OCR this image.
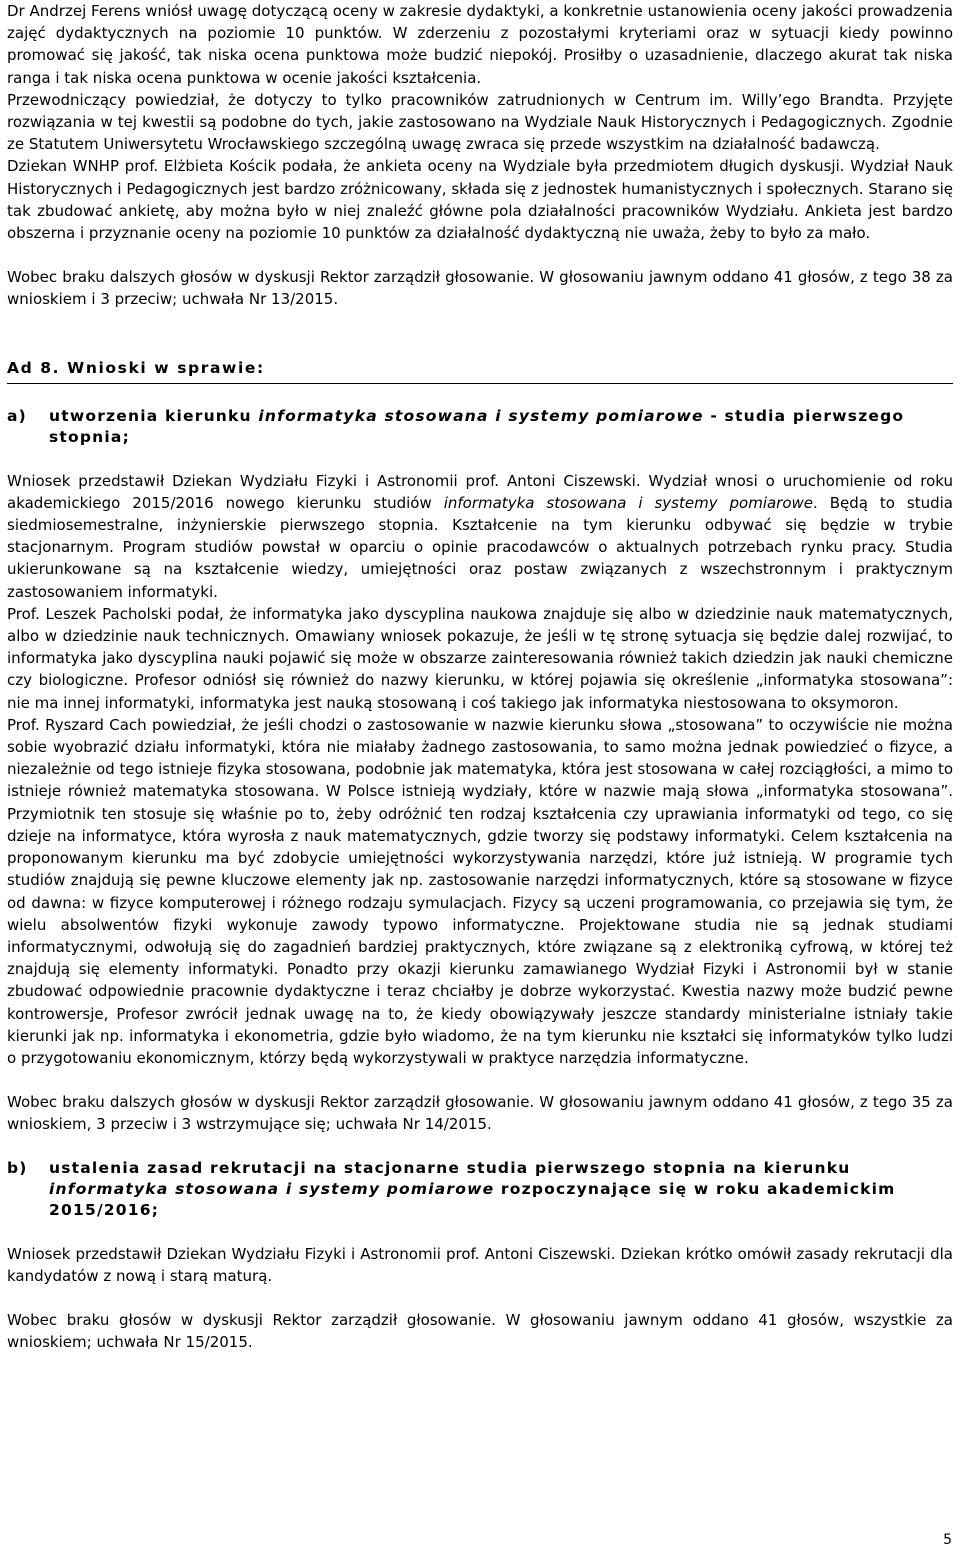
Dr Andrzej Ferens wniósł uwagę dotyczącą oceny w zakresie dydaktyki, a konkretnie ustanowienia oceny jakości prowadzenia zajęć dydaktycznych na poziomie 10 punktów. W zderzeniu z pozostałymi kryteriami oraz w sytuacji kiedy powinno promować się jakość, tak niska ocena punktowa może budzić niepokój. Prosiłby o uzasadnienie, dlaczego akurat tak niska ranga i tak niska ocena punktowa w ocenie jakości kształcenia.

Przewodniczący powiedział, że dotyczy to tylko pracowników zatrudnionych w Centrum im. Willy’ego Brandta. Przyjęte rozwiązania w tej kwestii są podobne do tych, jakie zastosowano na Wydziale Nauk Historycznych i Pedagogicznych. Zgodnie ze Statutem Uniwersytetu Wrocławskiego szczególną uwagę zwraca się przede wszystkim na działalność badawczą.

Dziekan WNHP prof. Elżbieta Kościk podała, że ankieta oceny na Wydziale była przedmiotem długich dyskusji. Wydział Nauk Historycznych i Pedagogicznych jest bardzo zróżnicowany, składa się z jednostek humanistycznych i społecznych. Starano się tak zbudować ankietę, aby można było w niej znaleźć główne pola działalności pracowników Wydziału. Ankieta jest bardzo obszerna i przyznanie oceny na poziomie 10 punktów za działalność dydaktyczną nie uważa, żeby to było za mało.

Wobec braku dalszych głosów w dyskusji Rektor zarządził głosowanie. W głosowaniu jawnym oddano 41 głosów, z tego 38 za wnioskiem i 3 przeciw; uchwała Nr 13/2015.

Ad 8. Wnioski w sprawie:
a)	utworzenia kierunku informatyka stosowana i systemy pomiarowe - studia pierwszego stopnia;

Wniosek przedstawił Dziekan Wydziału Fizyki i Astronomii prof. Antoni Ciszewski. Wydział wnosi o uruchomienie od roku akademickiego 2015/2016 nowego kierunku studiów informatyka stosowana i systemy pomiarowe. Będą to studia siedmiosemestralne, inżynierskie pierwszego stopnia. Kształcenie na tym kierunku odbywać się będzie w trybie stacjonarnym. Program studiów powstał w oparciu o opinie pracodawców o aktualnych potrzebach rynku pracy. Studia ukierunkowane są na kształcenie wiedzy, umiejętności oraz postaw związanych z wszechstronnym i praktycznym zastosowaniem informatyki.

Prof. Leszek Pacholski podał, że informatyka jako dyscyplina naukowa znajduje się albo w dziedzinie nauk matematycznych, albo w dziedzinie nauk technicznych. Omawiany wniosek pokazuje, że jeśli w tę stronę sytuacja się będzie dalej rozwijać, to informatyka jako dyscyplina nauki pojawić się może w obszarze zainteresowania również takich dziedzin jak nauki chemiczne czy biologiczne. Profesor odniósł się również do nazwy kierunku, w której pojawia się określenie „informatyka stosowana”: nie ma innej informatyki, informatyka jest nauką stosowaną i coś takiego jak informatyka niestosowana to oksymoron.

Prof. Ryszard Cach powiedział, że jeśli chodzi o zastosowanie w nazwie kierunku słowa „stosowana” to oczywiście nie można sobie wyobrazić działu informatyki, która nie miałaby żadnego zastosowania, to samo można jednak powiedzieć o fizyce, a niezależnie od tego istnieje fizyka stosowana, podobnie jak matematyka, która jest stosowana w całej rozciągłości, a mimo to istnieje również matematyka stosowana. W Polsce istnieją wydziały, które w nazwie mają słowa „informatyka stosowana”. Przymiotnik ten stosuje się właśnie po to, żeby odróżnić ten rodzaj kształcenia czy uprawiania informatyki od tego, co się dzieje na informatyce, która wyrosła z nauk matematycznych, gdzie tworzy się podstawy informatyki. Celem kształcenia na proponowanym kierunku ma być zdobycie umiejętności wykorzystywania narzędzi, które już istnieją. W programie tych studiów znajdują się pewne kluczowe elementy jak np. zastosowanie narzędzi informatycznych, które są stosowane w fizyce od dawna: w fizyce komputerowej i różnego rodzaju symulacjach. Fizycy są uczeni programowania, co przejawia się tym, że wielu absolwentów fizyki wykonuje zawody typowo informatyczne. Projektowane studia nie są jednak studiami informatycznymi, odwołują się do zagadnień bardziej praktycznych, które związane są z elektroniką cyfrową, w której też znajdują się elementy informatyki. Ponadto przy okazji kierunku zamawianego Wydział Fizyki i Astronomii był w stanie zbudować odpowiednie pracownie dydaktyczne i teraz chciałby je dobrze wykorzystać. Kwestia nazwy może budzić pewne kontrowersje, Profesor zwrócił jednak uwagę na to, że kiedy obowiązywały jeszcze standardy ministerialne istniały takie kierunki jak np. informatyka i ekonometria, gdzie było wiadomo, że na tym kierunku nie kształci się informatyków tylko ludzi o przygotowaniu ekonomicznym, którzy będą wykorzystywali w praktyce narzędzia informatyczne.

Wobec braku dalszych głosów w dyskusji Rektor zarządził głosowanie. W głosowaniu jawnym oddano 41 głosów, z tego 35 za wnioskiem, 3 przeciw i 3 wstrzymujące się; uchwała Nr 14/2015.

b)	ustalenia zasad rekrutacji na stacjonarne studia pierwszego stopnia na kierunku informatyka stosowana i systemy pomiarowe rozpoczynające się w roku akademickim 2015/2016;

Wniosek przedstawił Dziekan Wydziału Fizyki i Astronomii prof. Antoni Ciszewski. Dziekan krótko omówił zasady rekrutacji dla kandydatów z nową i starą maturą.

Wobec braku głosów w dyskusji Rektor zarządził głosowanie. W głosowaniu jawnym oddano 41 głosów, wszystkie za wnioskiem; uchwała Nr 15/2015.

5
